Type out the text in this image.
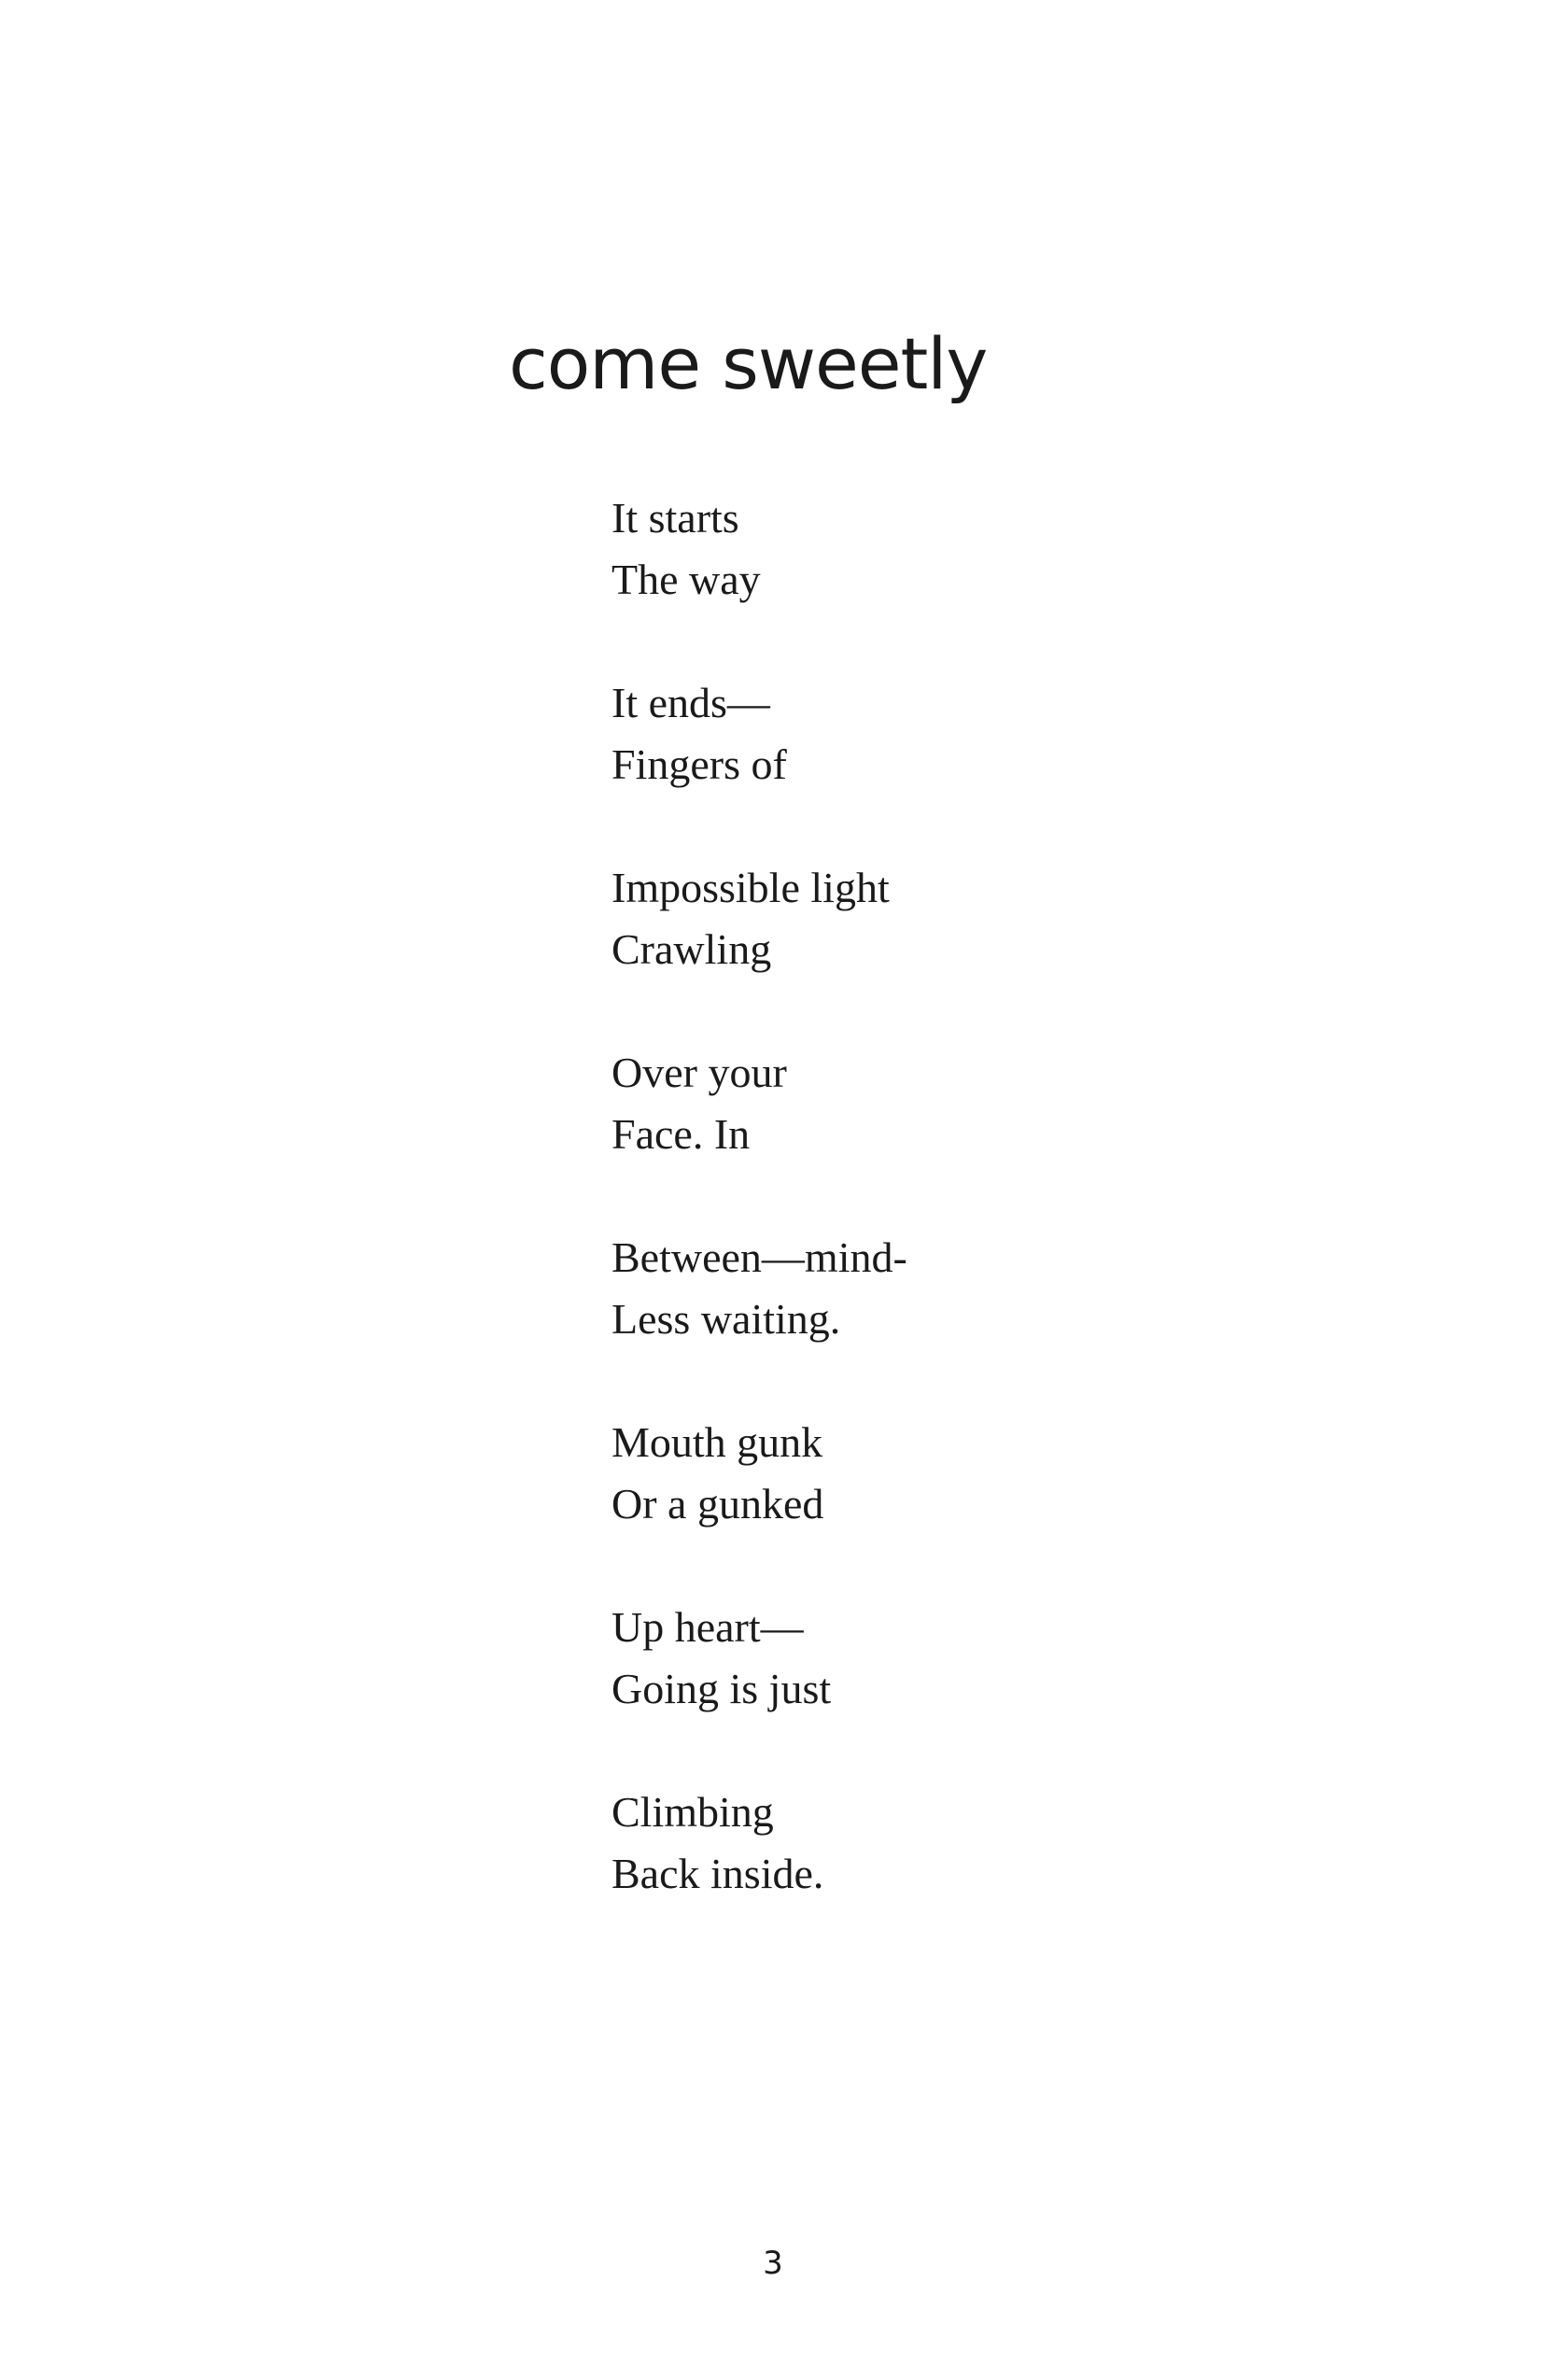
come sweetly
It starts
The way
It ends—
Fingers of
Impossible light
Crawling
Over your
Face. In
Between—mind-
Less waiting.
Mouth gunk
Or a gunked
Up heart—
Going is just
Climbing
Back inside.
3
